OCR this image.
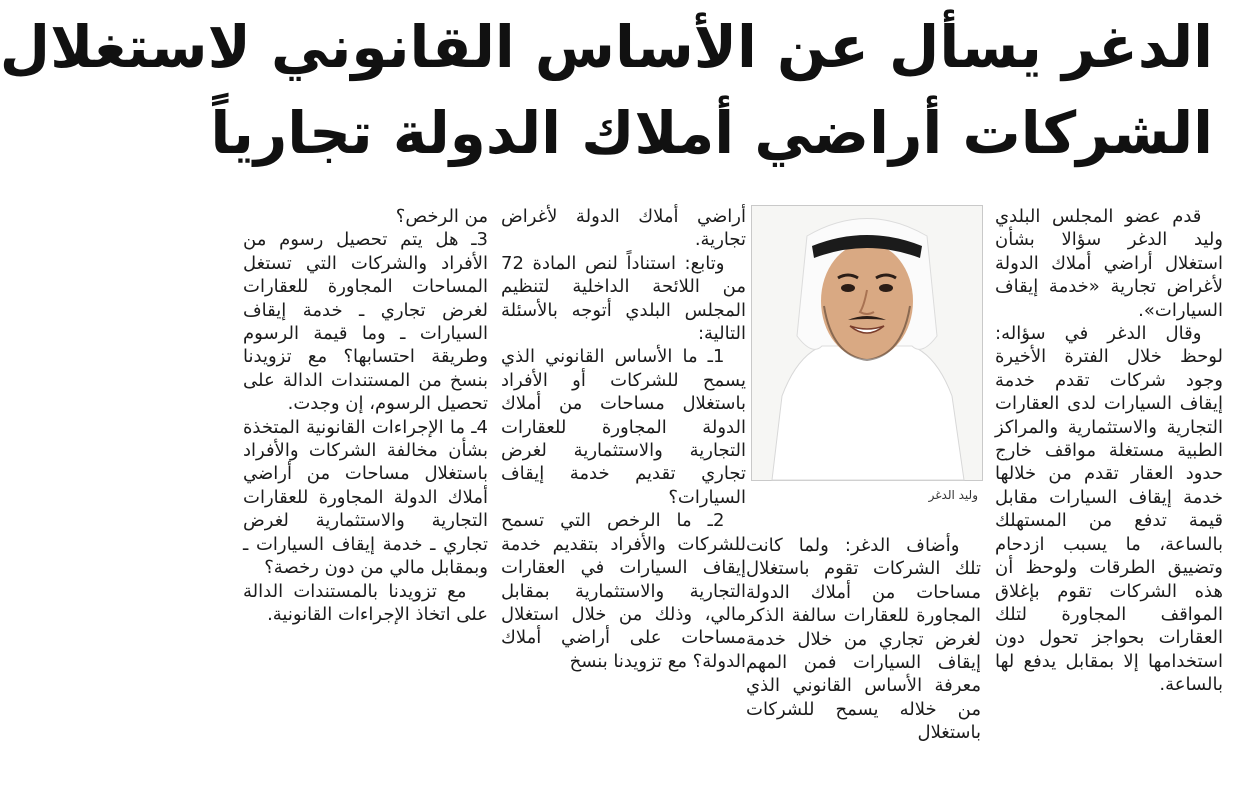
الدغر يسأل عن الأساس القانوني لاستغلال
الشركات أراضي أملاك الدولة تجارياً
وليد الدغر

قدم عضو المجلس البلدي وليد الدغر سؤالا بشأن استغلال أراضي أملاك الدولة لأغراض تجارية «خدمة إيقاف السيارات».

وقال الدغر في سؤاله: لوحظ خلال الفترة الأخيرة وجود شركات تقدم خدمة إيقاف السيارات لدى العقارات التجارية والاستثمارية والمراكز الطبية مستغلة مواقف خارج حدود العقار تقدم من خلالها خدمة إيقاف السيارات مقابل قيمة تدفع من المستهلك بالساعة، ما يسبب ازدحام وتضييق الطرقات ولوحظ أن هذه الشركات تقوم بإغلاق المواقف المجاورة لتلك العقارات بحواجز تحول دون استخدامها إلا بمقابل يدفع لها بالساعة.

وأضاف الدغر: ولما كانت تلك الشركات تقوم باستغلال مساحات من أملاك الدولة المجاورة للعقارات سالفة الذكر لغرض تجاري من خلال خدمة إيقاف السيارات فمن المهم معرفة الأساس القانوني الذي من خلاله يسمح للشركات باستغلال

أراضي أملاك الدولة لأغراض تجارية.

وتابع: استناداً لنص المادة 72 من اللائحة الداخلية لتنظيم المجلس البلدي أتوجه بالأسئلة التالية:

1ـ ما الأساس القانوني الذي يسمح للشركات أو الأفراد باستغلال مساحات من أملاك الدولة المجاورة للعقارات التجارية والاستثمارية لغرض تجاري تقديم خدمة إيقاف السيارات؟

2ـ ما الرخص التي تسمح للشركات والأفراد بتقديم خدمة إيقاف السيارات في العقارات التجارية والاستثمارية بمقابل مالي، وذلك من خلال استغلال مساحات على أراضي أملاك الدولة؟ مع تزويدنا بنسخ

من الرخص؟

3ـ هل يتم تحصيل رسوم من الأفراد والشركات التي تستغل المساحات المجاورة للعقارات لغرض تجاري ـ خدمة إيقاف السيارات ـ وما قيمة الرسوم وطريقة احتسابها؟ مع تزويدنا بنسخ من المستندات الدالة على تحصيل الرسوم، إن وجدت.

4ـ ما الإجراءات القانونية المتخذة بشأن مخالفة الشركات والأفراد باستغلال مساحات من أراضي أملاك الدولة المجاورة للعقارات التجارية والاستثمارية لغرض تجاري ـ خدمة إيقاف السيارات ـ وبمقابل مالي من دون رخصة؟

مع تزويدنا بالمستندات الدالة على اتخاذ الإجراءات القانونية.
